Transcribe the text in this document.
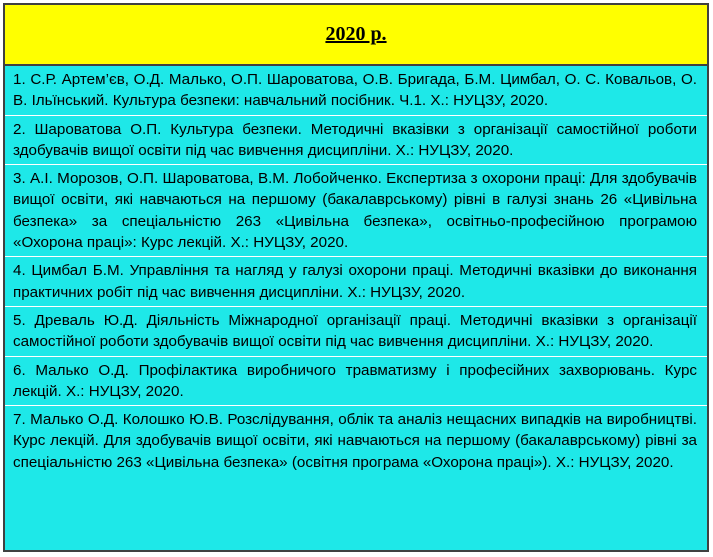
2020 р.
1. С.Р. Артем’єв, О.Д. Малько, О.П. Шароватова, О.В. Бригада, Б.М. Цимбал, О. С. Ковальов, О. В. Ільїнський. Культура безпеки: навчальний посібник. Ч.1. Х.: НУЦЗУ, 2020.
2. Шароватова О.П. Культура безпеки. Методичні вказівки з організації самостійної роботи здобувачів вищої освіти під час вивчення дисципліни. Х.: НУЦЗУ, 2020.
3. А.І. Морозов, О.П. Шароватова, В.М. Лобойченко. Експертиза з охорони праці: Для здобувачів вищої освіти, які навчаються на першому (бакалаврському) рівні в галузі знань 26 «Цивільна безпека» за спеціальністю 263 «Цивільна безпека», освітньо-професійною програмою «Охорона праці»: Курс лекцій. Х.: НУЦЗУ, 2020.
4. Цимбал Б.М. Управління та нагляд у галузі охорони праці. Методичні вказівки до виконання практичних робіт під час вивчення дисципліни. Х.: НУЦЗУ, 2020.
5. Древаль Ю.Д. Діяльність Міжнародної організації праці. Методичні вказівки з організації самостійної роботи здобувачів вищої освіти під час вивчення дисципліни. Х.: НУЦЗУ, 2020.
6. Малько О.Д. Профілактика виробничого травматизму і професійних захворювань. Курс лекцій. Х.: НУЦЗУ, 2020.
7. Малько О.Д. Колошко Ю.В. Розслідування, облік та аналіз нещасних випадків на виробництві. Курс лекцій. Для здобувачів вищої освіти, які навчаються на першому (бакалаврському) рівні за спеціальністю 263 «Цивільна безпека» (освітня програма «Охорона праці»). Х.: НУЦЗУ, 2020.
